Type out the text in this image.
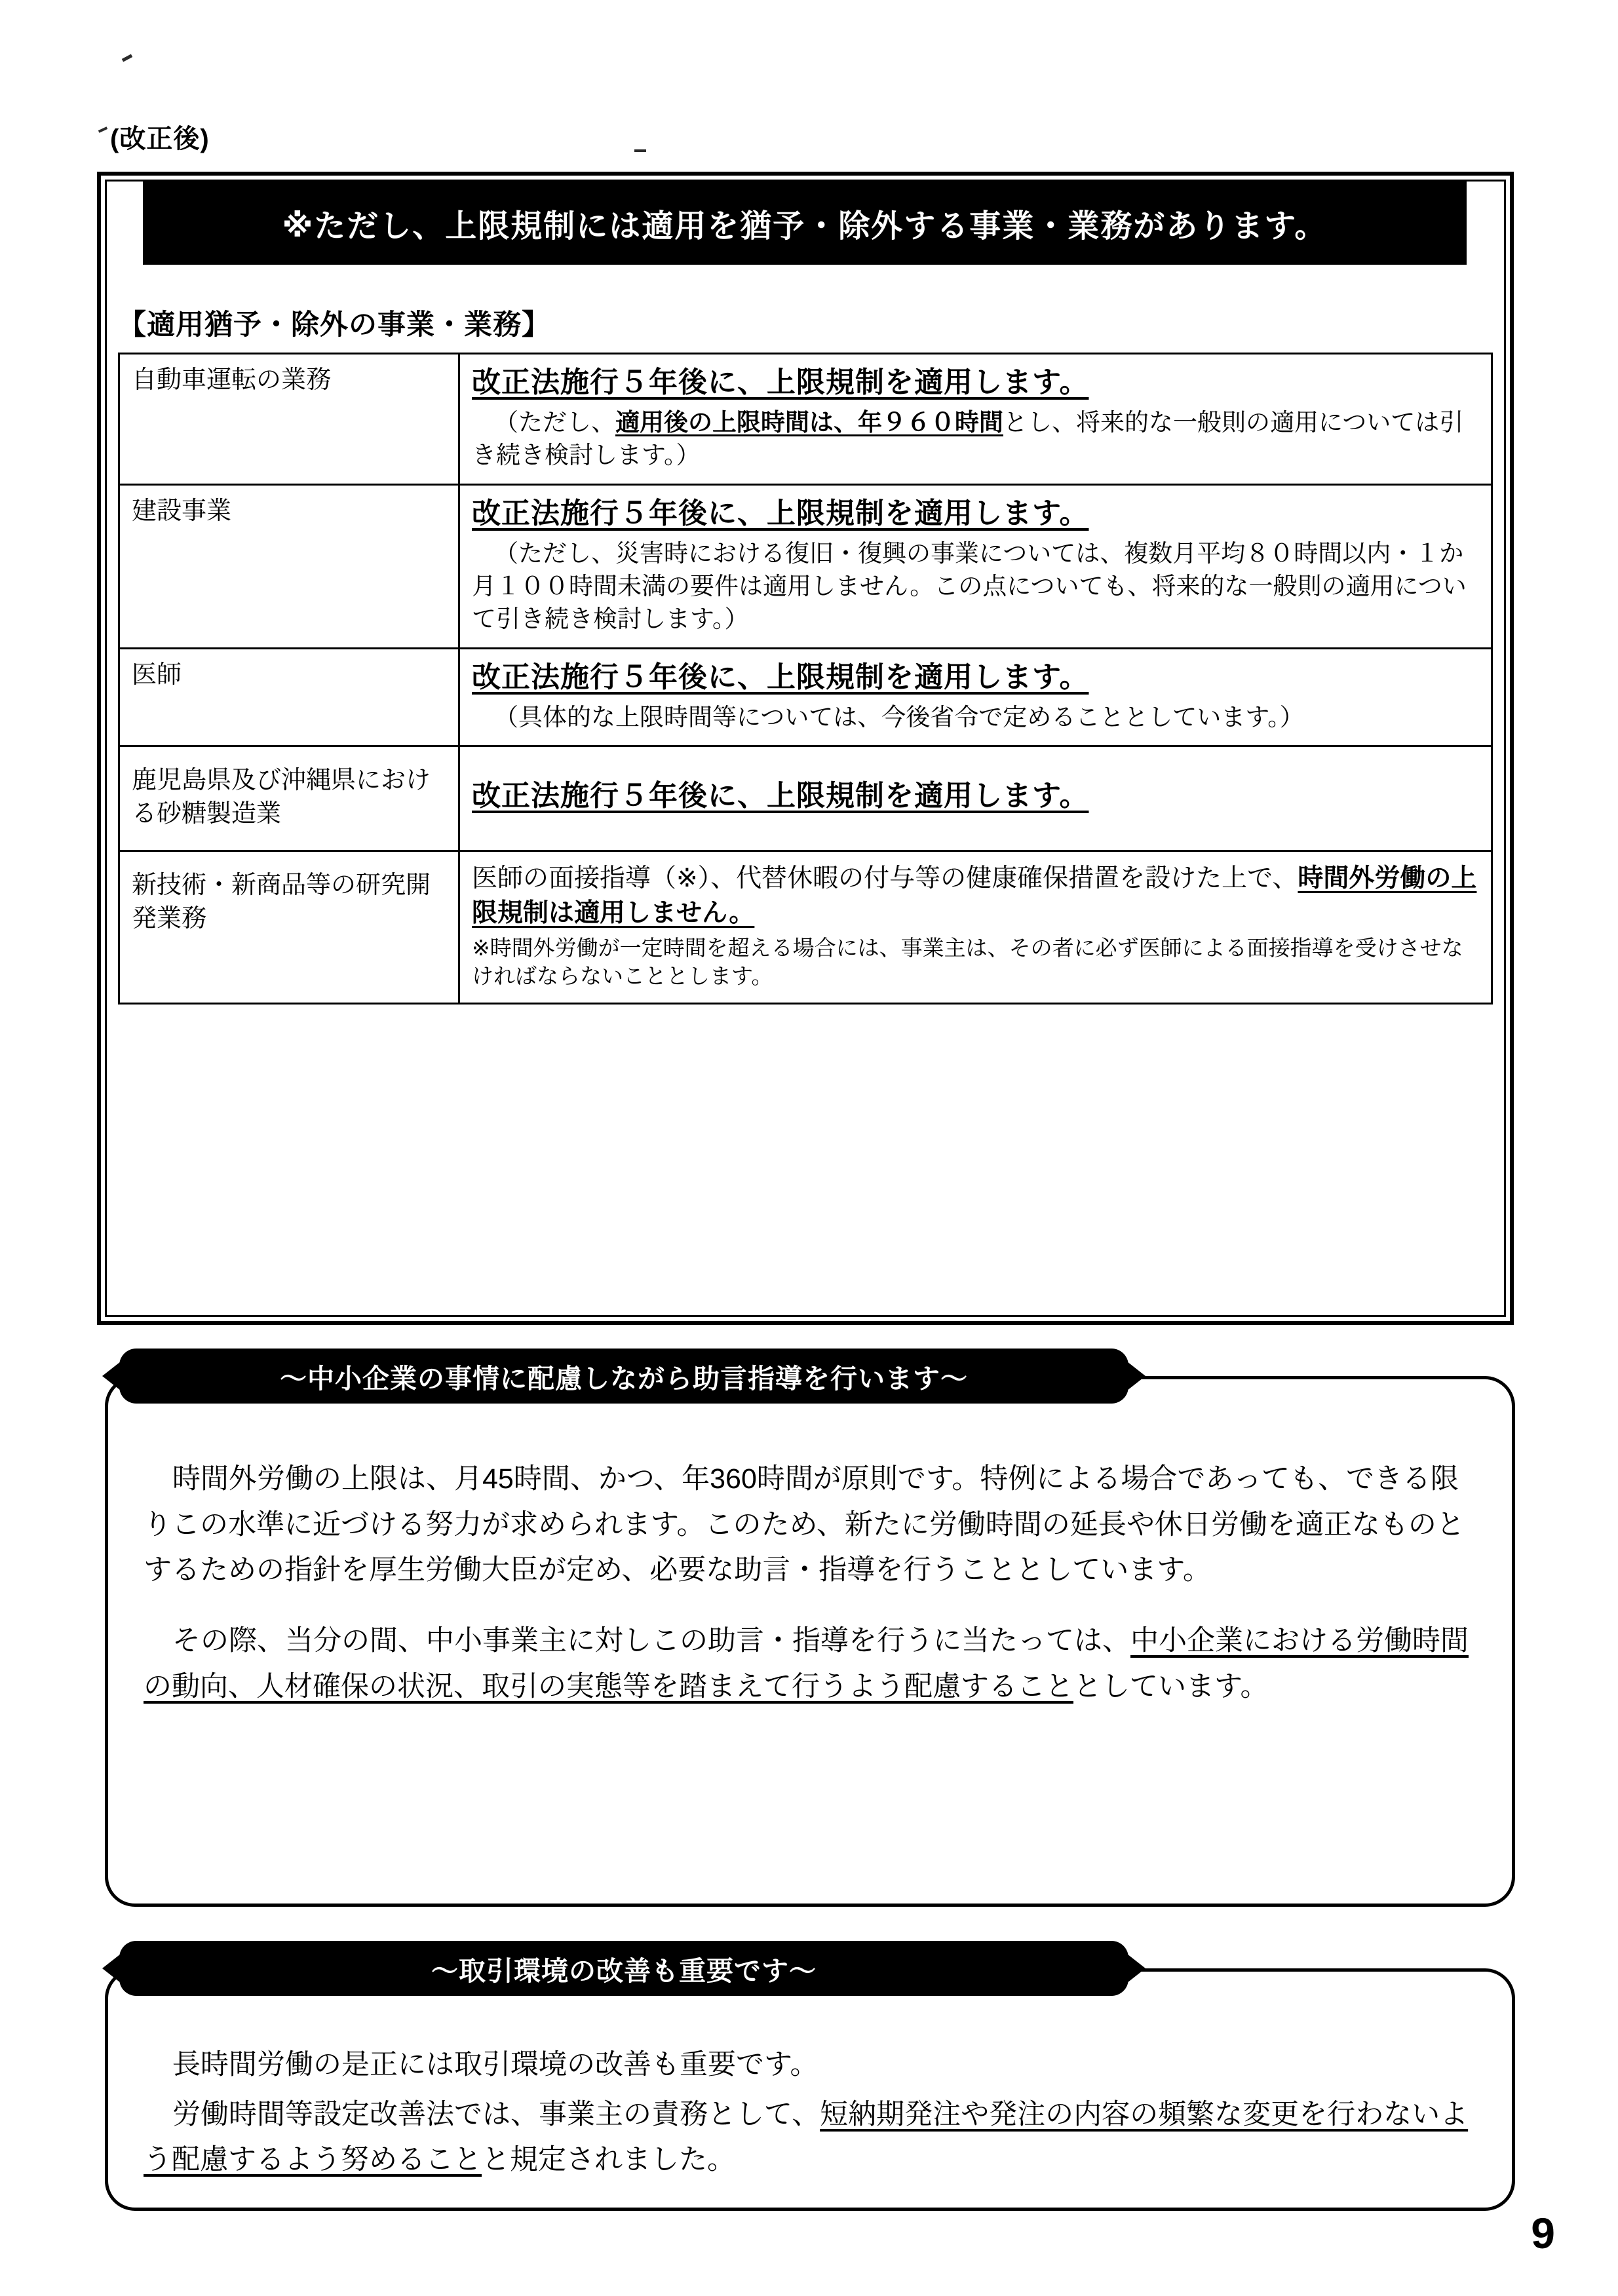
(改正後)
※ただし、上限規制には適用を猶予・除外する事業・業務があります。
【適用猶予・除外の事業・業務】
自動車運転の業務	改正法施行５年後に、上限規制を適用します。
（ただし、適用後の上限時間は、年９６０時間とし、将来的な一般則の適用については引き続き検討します。）

建設事業	改正法施行５年後に、上限規制を適用します。
（ただし、災害時における復旧・復興の事業については、複数月平均８０時間以内・１か月１００時間未満の要件は適用しません。この点についても、将来的な一般則の適用について引き続き検討します。）

医師	改正法施行５年後に、上限規制を適用します。
（具体的な上限時間等については、今後省令で定めることとしています。）

鹿児島県及び沖縄県における砂糖製造業	改正法施行５年後に、上限規制を適用します。
新技術・新商品等の研究開発業務	医師の面接指導（※）、代替休暇の付与等の健康確保措置を設けた上で、時間外労働の上限規制は適用しません。
※時間外労働が一定時間を超える場合には、事業主は、その者に必ず医師による面接指導を受けさせなければならないこととします。
～中小企業の事情に配慮しながら助言指導を行います～

時間外労働の上限は、月45時間、かつ、年360時間が原則です。特例による場合であっても、できる限りこの水準に近づける努力が求められます。このため、新たに労働時間の延長や休日労働を適正なものとするための指針を厚生労働大臣が定め、必要な助言・指導を行うこととしています。

その際、当分の間、中小事業主に対しこの助言・指導を行うに当たっては、中小企業における労働時間の動向、人材確保の状況、取引の実態等を踏まえて行うよう配慮することとしています。

～取引環境の改善も重要です～

長時間労働の是正には取引環境の改善も重要です。

労働時間等設定改善法では、事業主の責務として、短納期発注や発注の内容の頻繁な変更を行わないよう配慮するよう努めることと規定されました。

9
